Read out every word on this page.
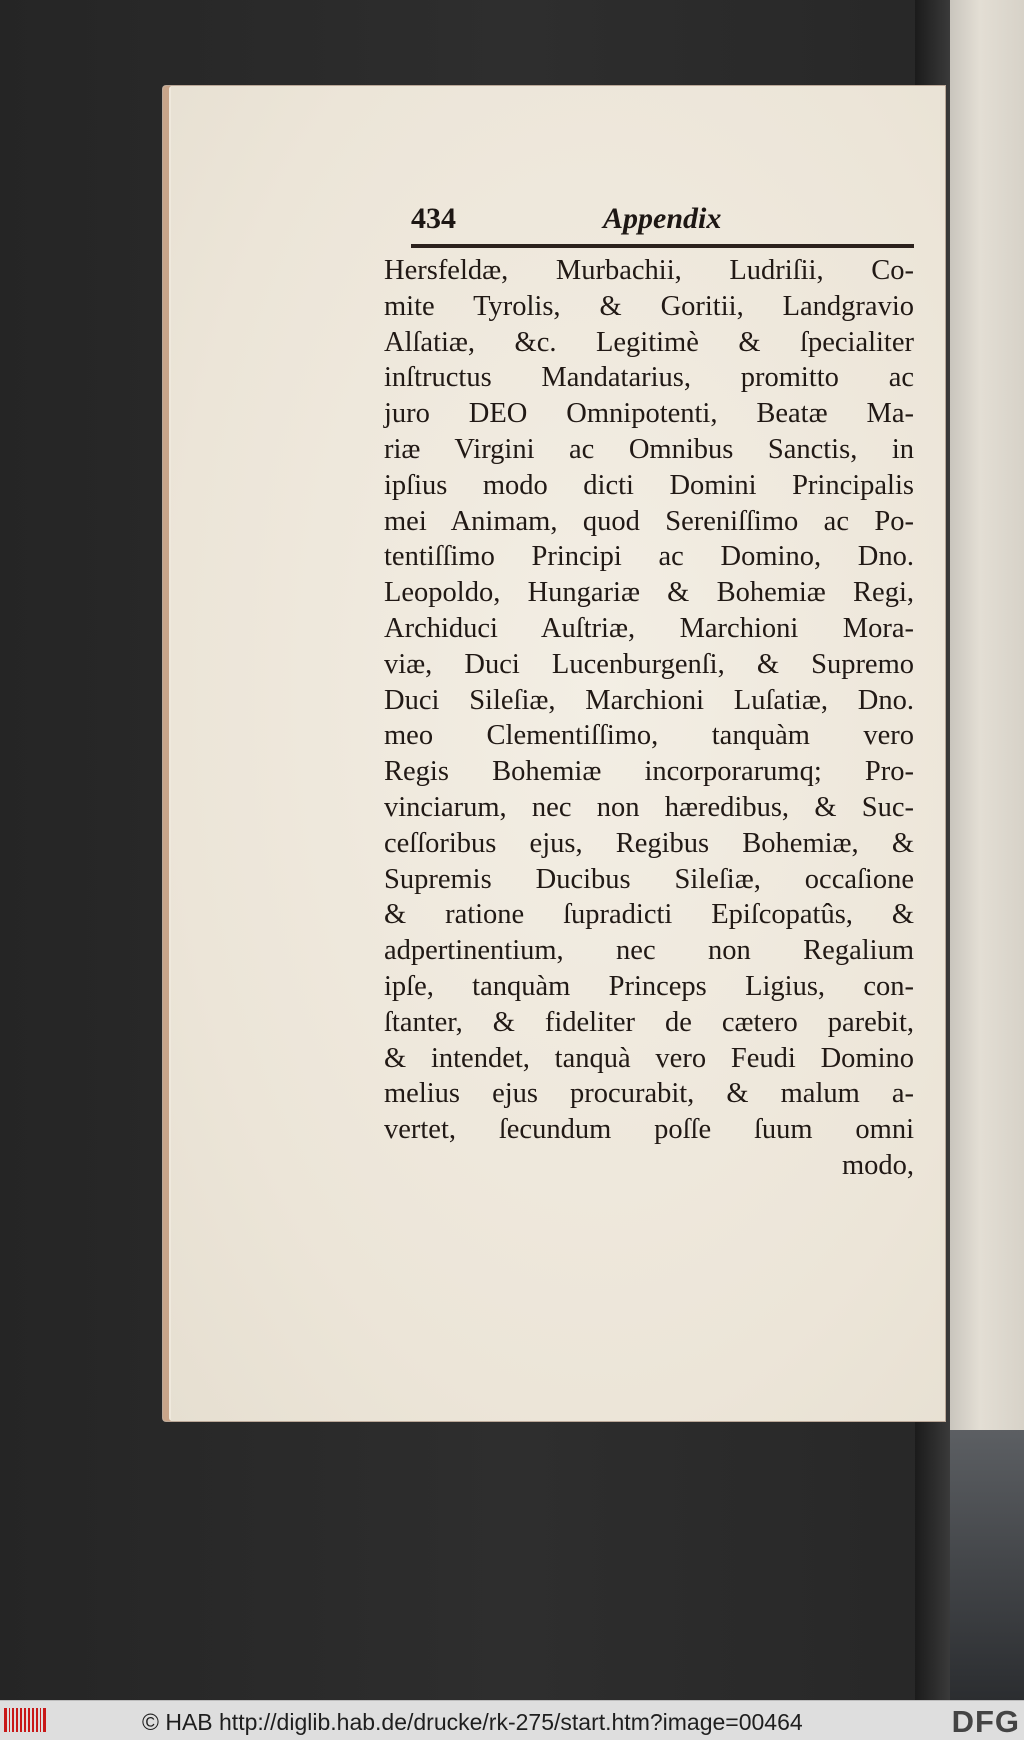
434	Appendix
Hersfeldæ, Murbachii, Ludriſii, Co-
mite Tyrolis, & Goritii, Landgravio
Alſatiæ, &c. Legitimè & ſpecialiter
inſtructus Mandatarius, promitto ac
juro DEO Omnipotenti, Beatæ Ma-
riæ Virgini ac Omnibus Sanctis, in
ipſius modo dicti Domini Principalis
mei Animam, quod Sereniſſimo ac Po-
tentiſſimo Principi ac Domino, Dno.
Leopoldo, Hungariæ & Bohemiæ Regi,
Archiduci Auſtriæ, Marchioni Mora-
viæ, Duci Lucenburgenſi, & Supremo
Duci Sileſiæ, Marchioni Luſatiæ, Dno.
meo Clementiſſimo, tanquàm vero
Regis Bohemiæ incorporarumq; Pro-
vinciarum, nec non hæredibus, & Suc-
ceſſoribus ejus, Regibus Bohemiæ, &
Supremis Ducibus Sileſiæ, occaſione
& ratione ſupradicti Epiſcopatûs, &
adpertinentium, nec non Regalium
ipſe, tanquàm Princeps Ligius, con-
ſtanter, & fideliter de cætero parebit,
& intendet, tanquà vero Feudi Domino
melius ejus procurabit, & malum a-
vertet, ſecundum poſſe ſuum omni
modo,
© HAB http://diglib.hab.de/drucke/rk-275/start.htm?image=00464	DFG
